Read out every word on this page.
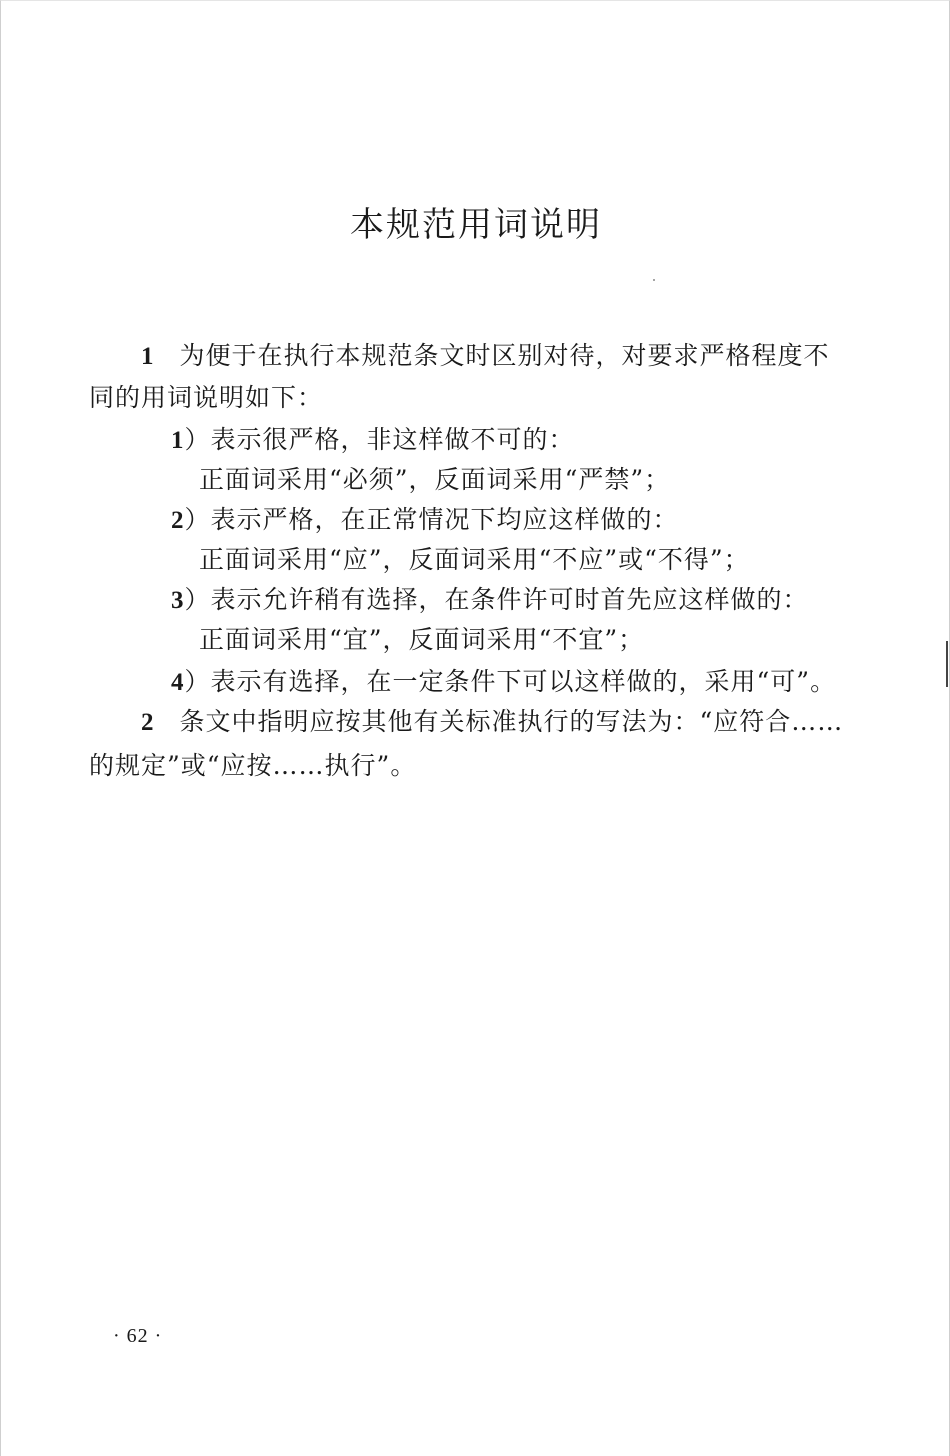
本规范用词说明
1 为便于在执行本规范条文时区别对待，对要求严格程度不
同的用词说明如下：
1）表示很严格，非这样做不可的：
正面词采用“必须”，反面词采用“严禁”；
2）表示严格，在正常情况下均应这样做的：
正面词采用“应”，反面词采用“不应”或“不得”；
3）表示允许稍有选择，在条件许可时首先应这样做的：
正面词采用“宜”，反面词采用“不宜”；
4）表示有选择，在一定条件下可以这样做的，采用“可”。
2 条文中指明应按其他有关标准执行的写法为：“应符合……
的规定”或“应按……执行”。
· 62 ·
